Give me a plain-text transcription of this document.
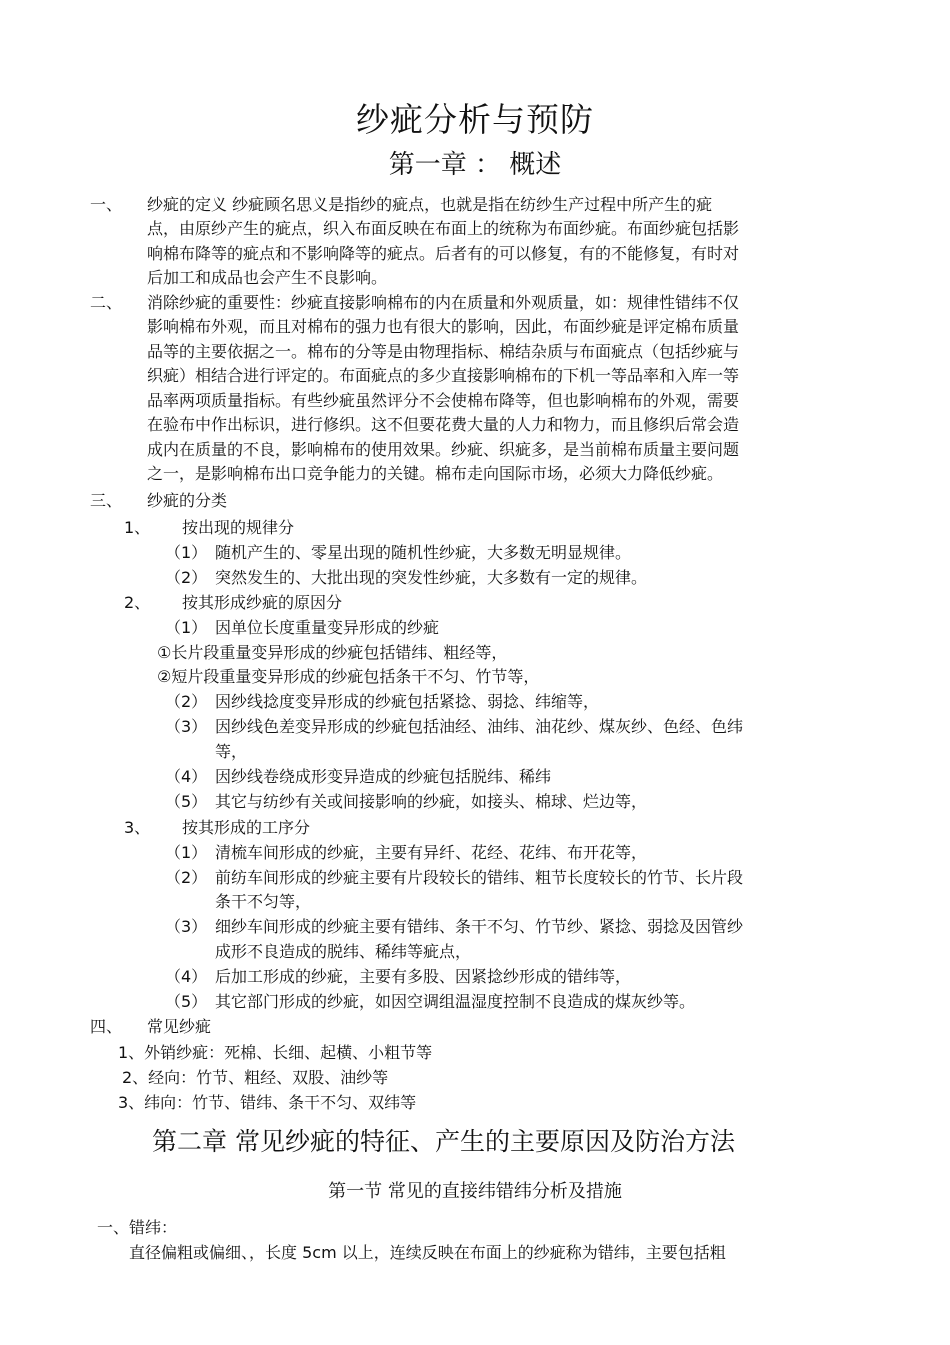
纱疵分析与预防
第一章 ： 概述
一、 纱疵的定义 纱疵顾名思义是指纱的疵点，也就是指在纺纱生产过程中所产生的疵
点，由原纱产生的疵点，织入布面反映在布面上的统称为布面纱疵。布面纱疵包括影
响棉布降等的疵点和不影响降等的疵点。后者有的可以修复，有的不能修复，有时对
后加工和成品也会产生不良影响。
二、 消除纱疵的重要性：纱疵直接影响棉布的内在质量和外观质量，如：规律性错纬不仅
影响棉布外观，而且对棉布的强力也有很大的影响，因此，布面纱疵是评定棉布质量
品等的主要依据之一。棉布的分等是由物理指标、棉结杂质与布面疵点（包括纱疵与
织疵）相结合进行评定的。布面疵点的多少直接影响棉布的下机一等品率和入库一等
品率两项质量指标。有些纱疵虽然评分不会使棉布降等，但也影响棉布的外观，需要
在验布中作出标识，进行修织。这不但要花费大量的人力和物力，而且修织后常会造
成内在质量的不良，影响棉布的使用效果。纱疵、织疵多，是当前棉布质量主要问题
之一，是影响棉布出口竞争能力的关键。棉布走向国际市场，必须大力降低纱疵。
三、 纱疵的分类
1、 按出现的规律分
（1） 随机产生的、零星出现的随机性纱疵，大多数无明显规律。
（2） 突然发生的、大批出现的突发性纱疵，大多数有一定的规律。
2、 按其形成纱疵的原因分
（1） 因单位长度重量变异形成的纱疵
①长片段重量变异形成的纱疵包括错纬、粗经等，
②短片段重量变异形成的纱疵包括条干不匀、竹节等，
（2） 因纱线捻度变异形成的纱疵包括紧捻、弱捻、纬缩等，
（3） 因纱线色差变异形成的纱疵包括油经、油纬、油花纱、煤灰纱、色经、色纬
等，
（4） 因纱线卷绕成形变异造成的纱疵包括脱纬、稀纬
（5） 其它与纺纱有关或间接影响的纱疵，如接头、棉球、烂边等，
3、 按其形成的工序分
（1） 清梳车间形成的纱疵，主要有异纤、花经、花纬、布开花等，
（2） 前纺车间形成的纱疵主要有片段较长的错纬、粗节长度较长的竹节、长片段
条干不匀等，
（3） 细纱车间形成的纱疵主要有错纬、条干不匀、竹节纱、紧捻、弱捻及因管纱
成形不良造成的脱纬、稀纬等疵点，
（4） 后加工形成的纱疵，主要有多股、因紧捻纱形成的错纬等，
（5） 其它部门形成的纱疵，如因空调组温湿度控制不良造成的煤灰纱等。
四、 常见纱疵
1、外销纱疵：死棉、长细、起横、小粗节等
2、经向：竹节、粗经、双股、油纱等
3、纬向：竹节、错纬、条干不匀、双纬等
第二章 常见纱疵的特征、产生的主要原因及防治方法
第一节 常见的直接纬错纬分析及措施
一、错纬：
直径偏粗或偏细、，长度 5cm 以上，连续反映在布面上的纱疵称为错纬，主要包括粗
